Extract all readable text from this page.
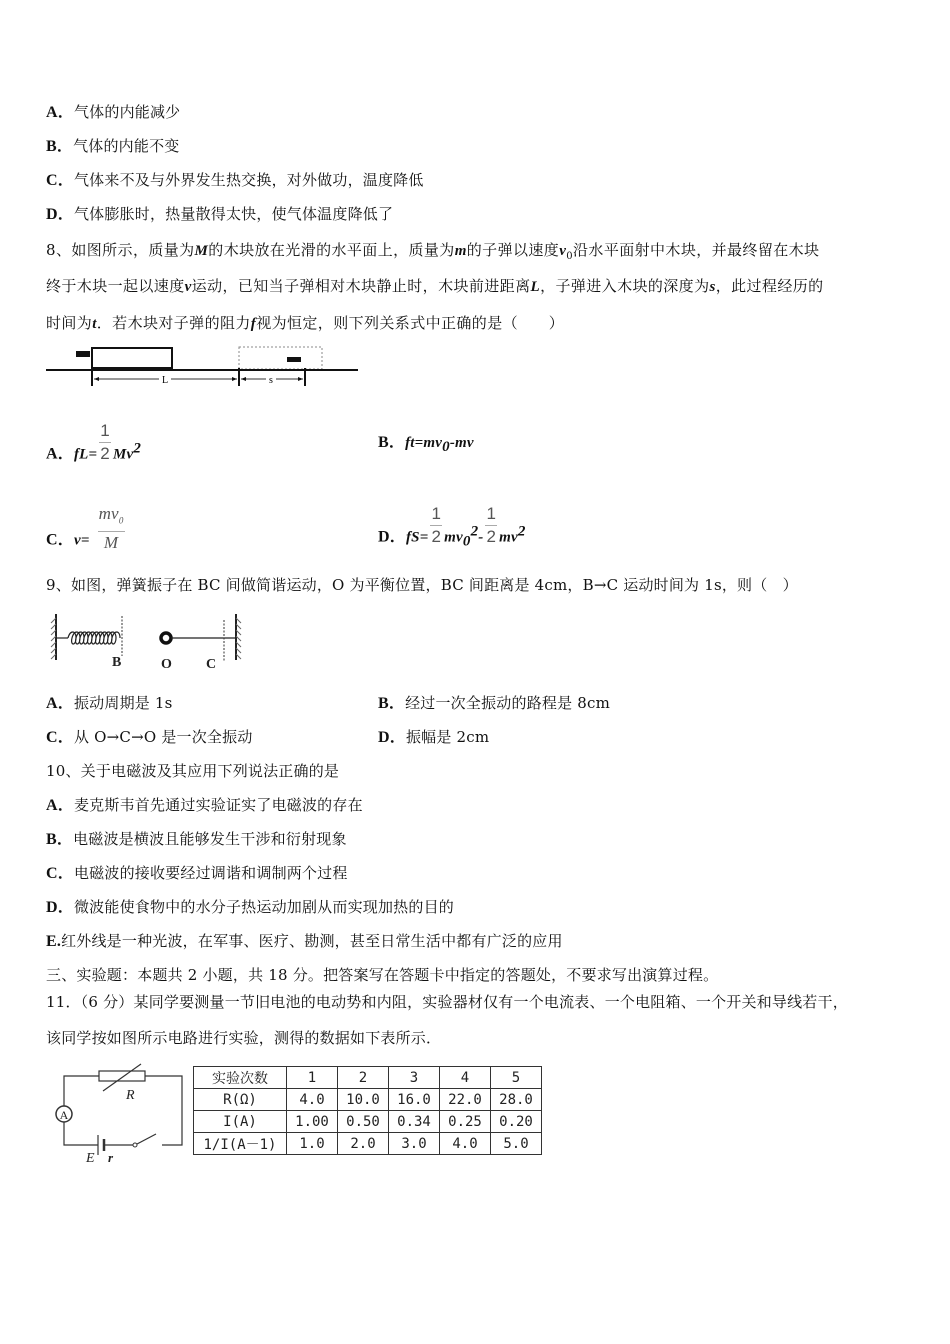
A．气体的内能减少
B．气体的内能不变
C．气体来不及与外界发生热交换，对外做功，温度降低
D．气体膨胀时，热量散得太快，使气体温度降低了
8、如图所示，质量为M的木块放在光滑的水平面上，质量为m的子弹以速度$v_0$沿水平面射中木块，并最终留在木块
终于木块一起以速度v运动，已知当子弹相对木块静止时，木块前进距离L，子弹进入木块的深度为s，此过程经历的
时间为t．若木块对子弹的阻力f视为恒定，则下列关系式中正确的是（　　）
L	s
A．$fL= \frac{1}{2} Mv^2$	B．$ft=mv_0-mv$
C．$v= \frac{mv_0}{M}$	D．$fS= \frac{1}{2} mv_0^2- \frac{1}{2} mv^2$
9、如图，弹簧振子在 BC 间做简谐运动，O 为平衡位置，BC 间距离是 4cm，B→C 运动时间为 1s，则（　）
B	O C
A．振动周期是 1s	B．经过一次全振动的路程是 8cm
C．从 O→C→O 是一次全振动	D．振幅是 2cm
10、关于电磁波及其应用下列说法正确的是
A．麦克斯韦首先通过实验证实了电磁波的存在
B．电磁波是横波且能够发生干涉和衍射现象
C．电磁波的接收要经过调谐和调制两个过程
D．微波能使食物中的水分子热运动加剧从而实现加热的目的
E.红外线是一种光波，在军事、医疗、勘测，甚至日常生活中都有广泛的应用
三、实验题：本题共 2 小题，共 18 分。把答案写在答题卡中指定的答题处，不要求写出演算过程。
11．（6 分）某同学要测量一节旧电池的电动势和内阻，实验器材仅有一个电流表、一个电阻箱、一个开关和导线若干，
该同学按如图所示电路进行实验，测得的数据如下表所示．
A
R
E r
实验次数	1	2	3	4	5
R(Ω)	4.0	10.0	16.0	22.0	28.0
I(A)	1.00	0.50	0.34	0.25	0.20
1/I(A－1)	1.0	2.0	3.0	4.0	5.0
